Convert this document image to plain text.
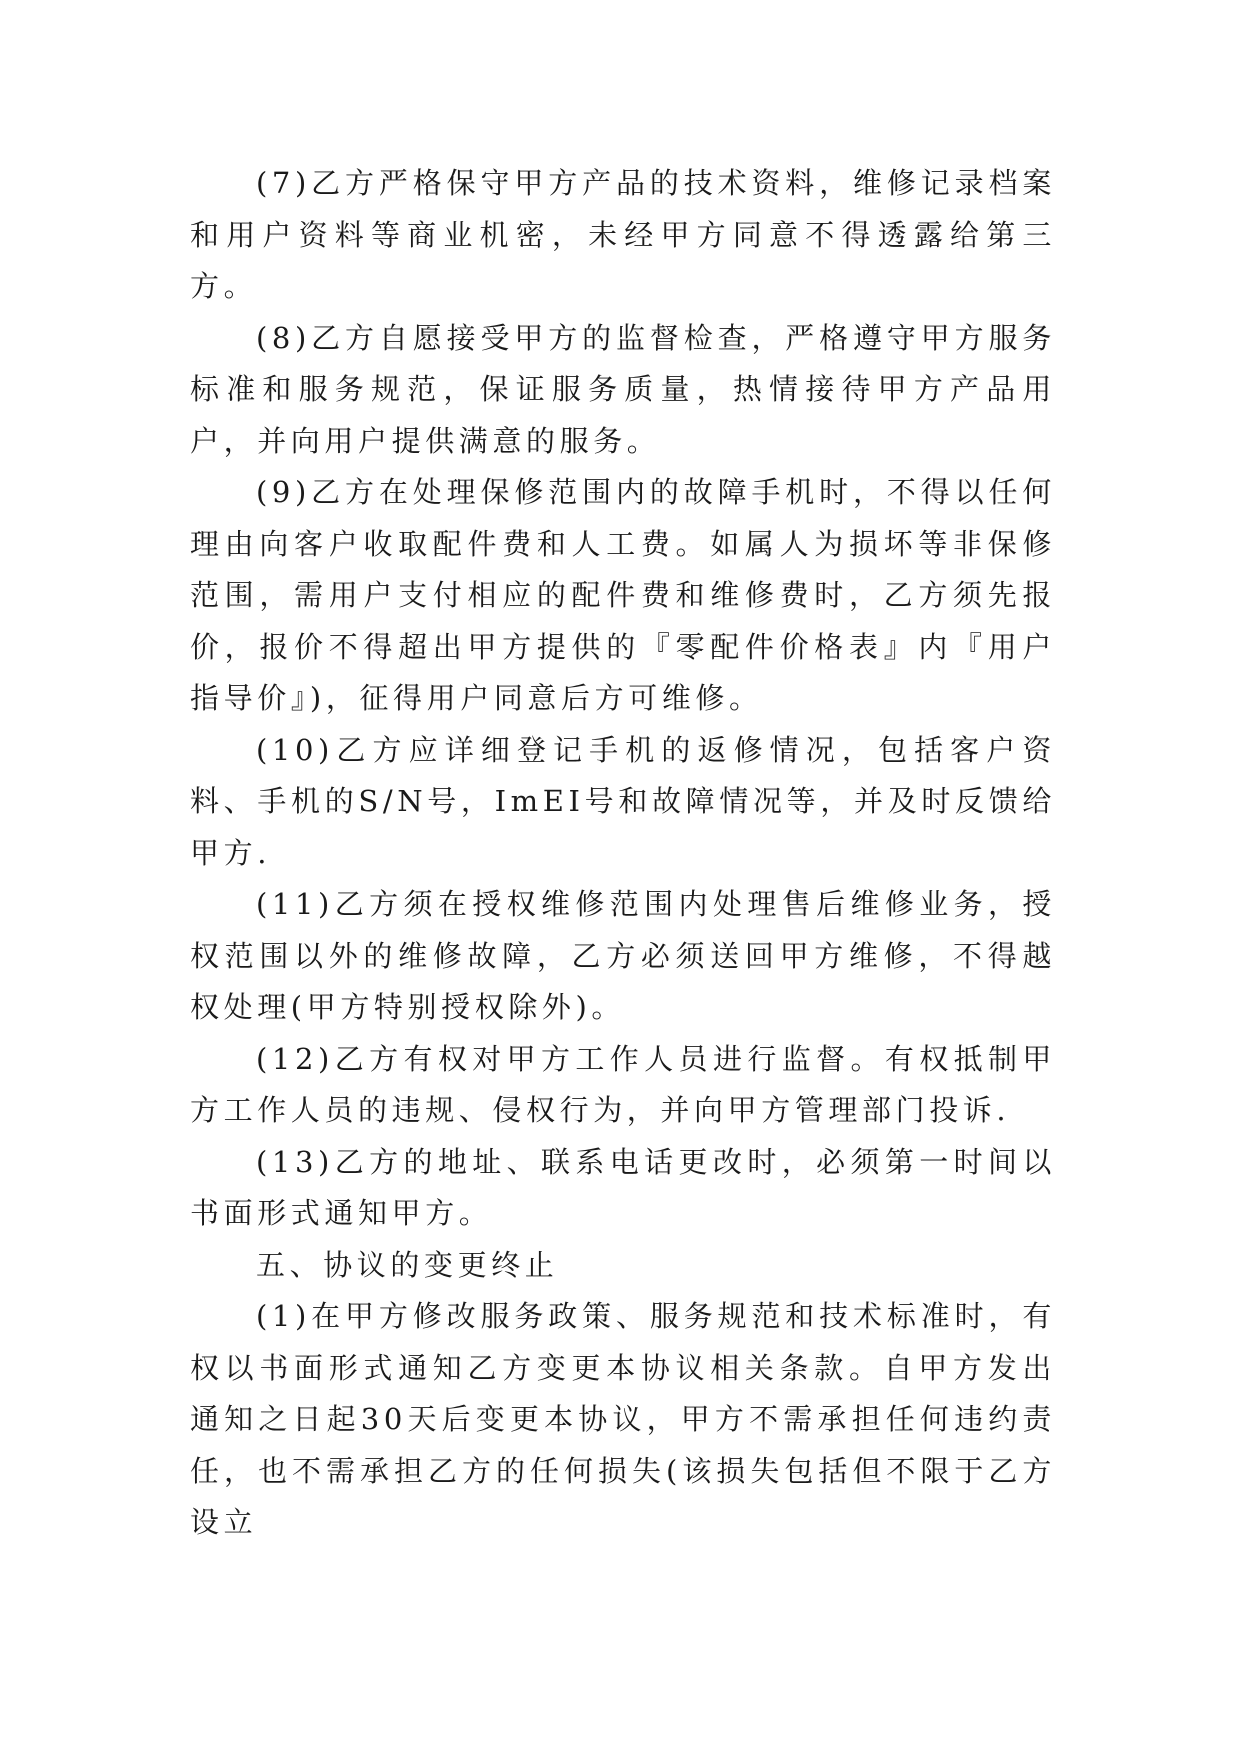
(7)乙方严格保守甲方产品的技术资料，维修记录档案和用户资料等商业机密，未经甲方同意不得透露给第三方。

(8)乙方自愿接受甲方的监督检查，严格遵守甲方服务标准和服务规范，保证服务质量，热情接待甲方产品用户，并向用户提供满意的服务。

(9)乙方在处理保修范围内的故障手机时，不得以任何理由向客户收取配件费和人工费。如属人为损坏等非保修范围，需用户支付相应的配件费和维修费时，乙方须先报价，报价不得超出甲方提供的『零配件价格表』内『用户指导价』)，征得用户同意后方可维修。

(10)乙方应详细登记手机的返修情况，包括客户资料、手机的S/N号，ImEI号和故障情况等，并及时反馈给甲方.

(11)乙方须在授权维修范围内处理售后维修业务，授权范围以外的维修故障，乙方必须送回甲方维修，不得越权处理(甲方特别授权除外)。

(12)乙方有权对甲方工作人员进行监督。有权抵制甲方工作人员的违规、侵权行为，并向甲方管理部门投诉.

(13)乙方的地址、联系电话更改时，必须第一时间以书面形式通知甲方。

五、协议的变更终止

(1)在甲方修改服务政策、服务规范和技术标准时，有权以书面形式通知乙方变更本协议相关条款。自甲方发出通知之日起30天后变更本协议，甲方不需承担任何违约责任，也不需承担乙方的任何损失(该损失包括但不限于乙方设立
